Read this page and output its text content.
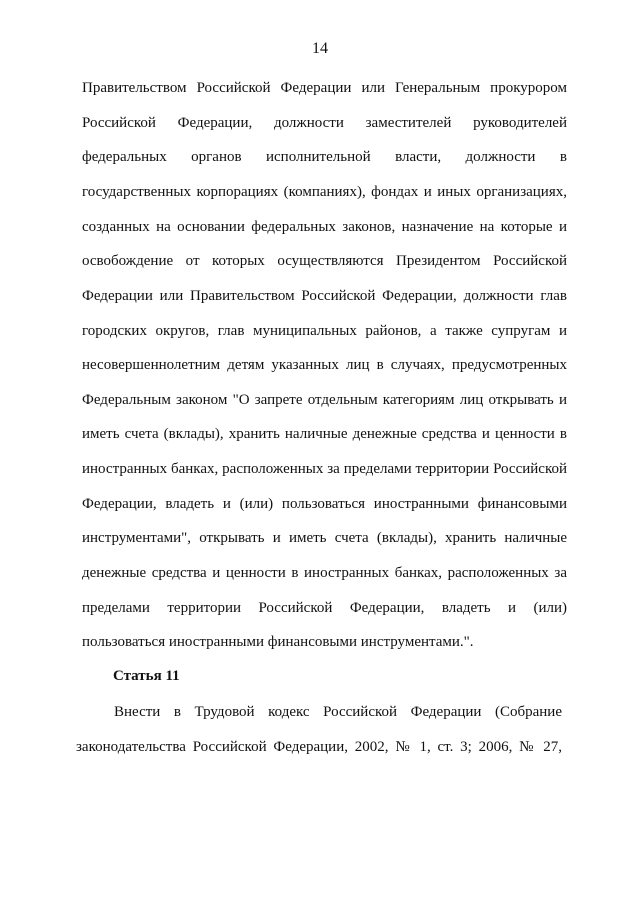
14
Правительством Российской Федерации или Генеральным прокурором
Российской Федерации, должности заместителей руководителей
федеральных органов исполнительной власти, должности в
государственных корпорациях (компаниях), фондах и иных организациях,
созданных на основании федеральных законов, назначение на которые и
освобождение от которых осуществляются Президентом Российской
Федерации или Правительством Российской Федерации, должности глав
городских округов, глав муниципальных районов, а также супругам и
несовершеннолетним детям указанных лиц в случаях, предусмотренных
Федеральным законом "О запрете отдельным категориям лиц открывать и
иметь счета (вклады), хранить наличные денежные средства и ценности в
иностранных банках, расположенных за пределами территории Российской
Федерации, владеть и (или) пользоваться иностранными финансовыми
инструментами", открывать и иметь счета (вклады), хранить наличные
денежные средства и ценности в иностранных банках, расположенных за
пределами территории Российской Федерации, владеть и (или)
пользоваться иностранными финансовыми инструментами.".
Статья 11
Внести в Трудовой кодекс Российской Федерации (Собрание
законодательства Российской Федерации, 2002, № 1, ст. 3; 2006, № 27,
